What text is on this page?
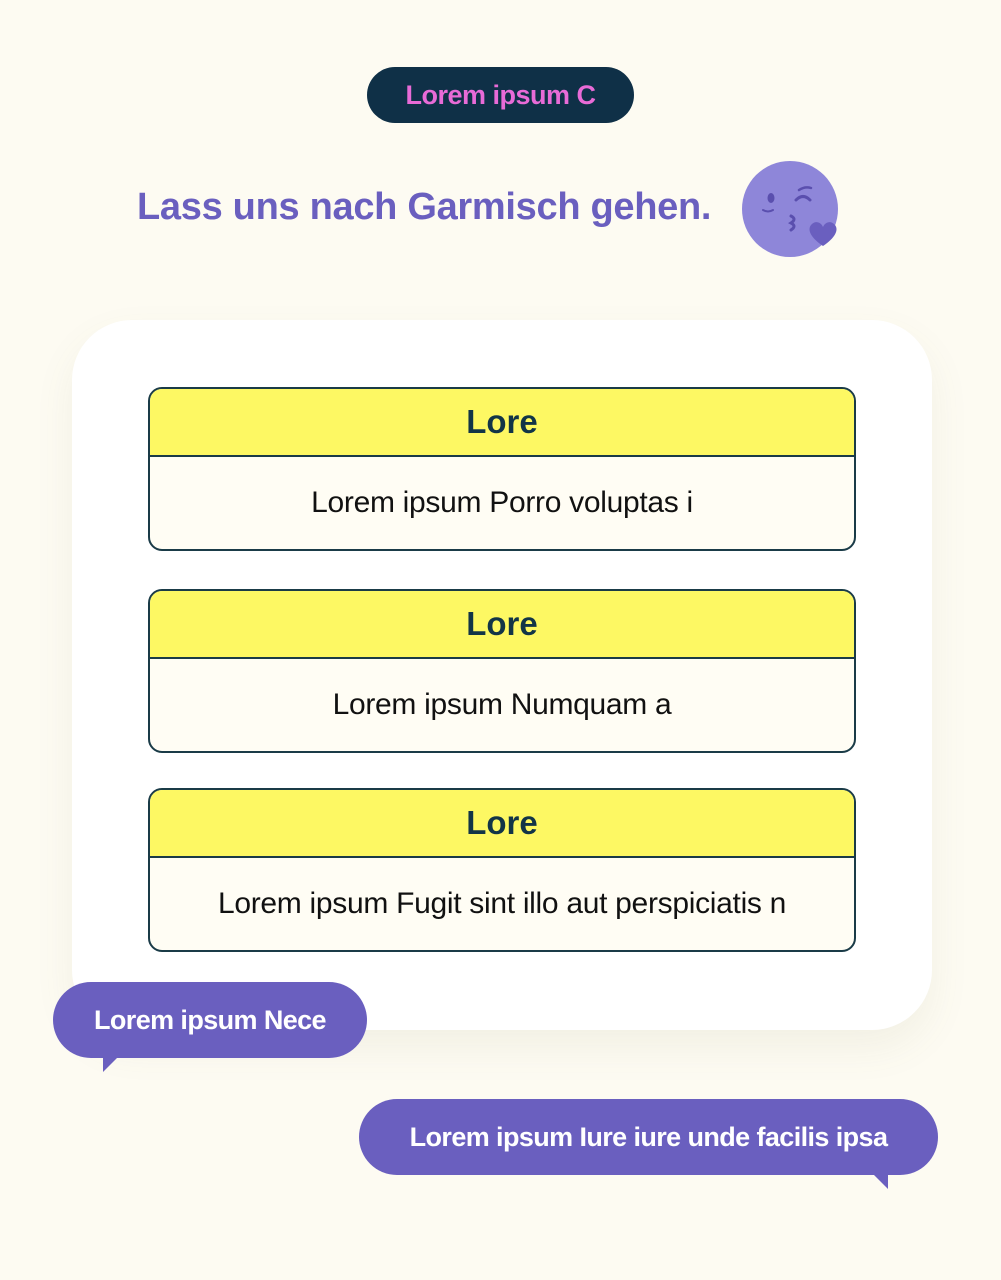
Lorem ipsum C
Lass uns nach Garmisch gehen.
Lore
Lorem ipsum Porro voluptas i
Lore
Lorem ipsum Numquam a
Lore
Lorem ipsum Fugit sint illo aut perspiciatis n
Lorem ipsum Nece
Lorem ipsum Iure iure unde facilis ipsa
